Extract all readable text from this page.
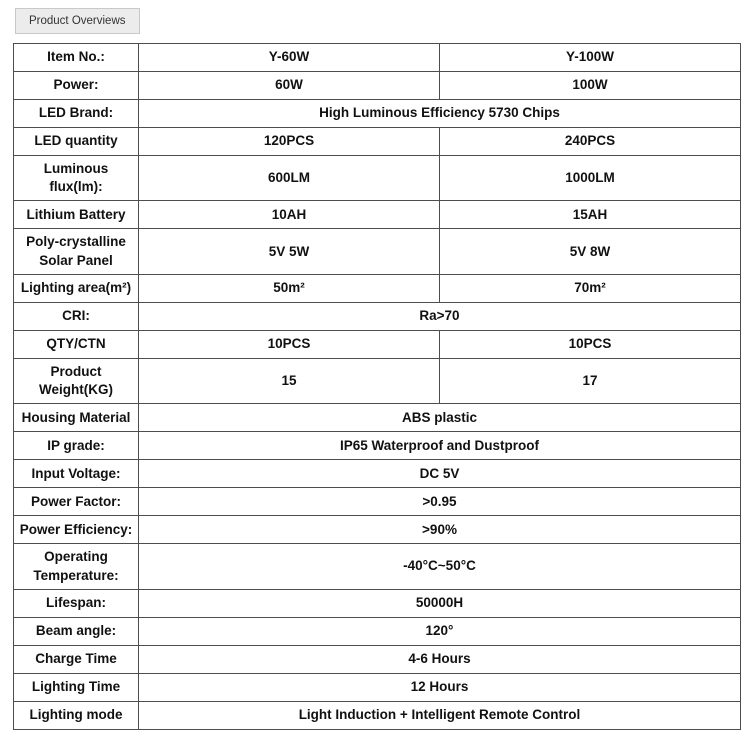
Product Overviews
Item No.:	Y-60W	Y-100W
Power:	60W	100W
LED Brand:	High Luminous Efficiency 5730 Chips	
LED quantity	120PCS	240PCS
Luminous flux(lm):	600LM	1000LM
Lithium Battery	10AH	15AH
Poly-crystalline Solar Panel	5V 5W	5V 8W
Lighting area(m²)	50m²	70m²
CRI:	Ra>70	
QTY/CTN	10PCS	10PCS
Product Weight(KG)	15	17
Housing Material	ABS plastic	
IP grade:	IP65 Waterproof and Dustproof	
Input Voltage:	DC 5V	
Power Factor:	>0.95	
Power Efficiency:	>90%	
Operating Temperature:	-40°C~50°C	
Lifespan:	50000H	
Beam angle:	120°	
Charge Time	4-6 Hours	
Lighting Time	12 Hours	
Lighting mode	Light Induction + Intelligent Remote Control	
